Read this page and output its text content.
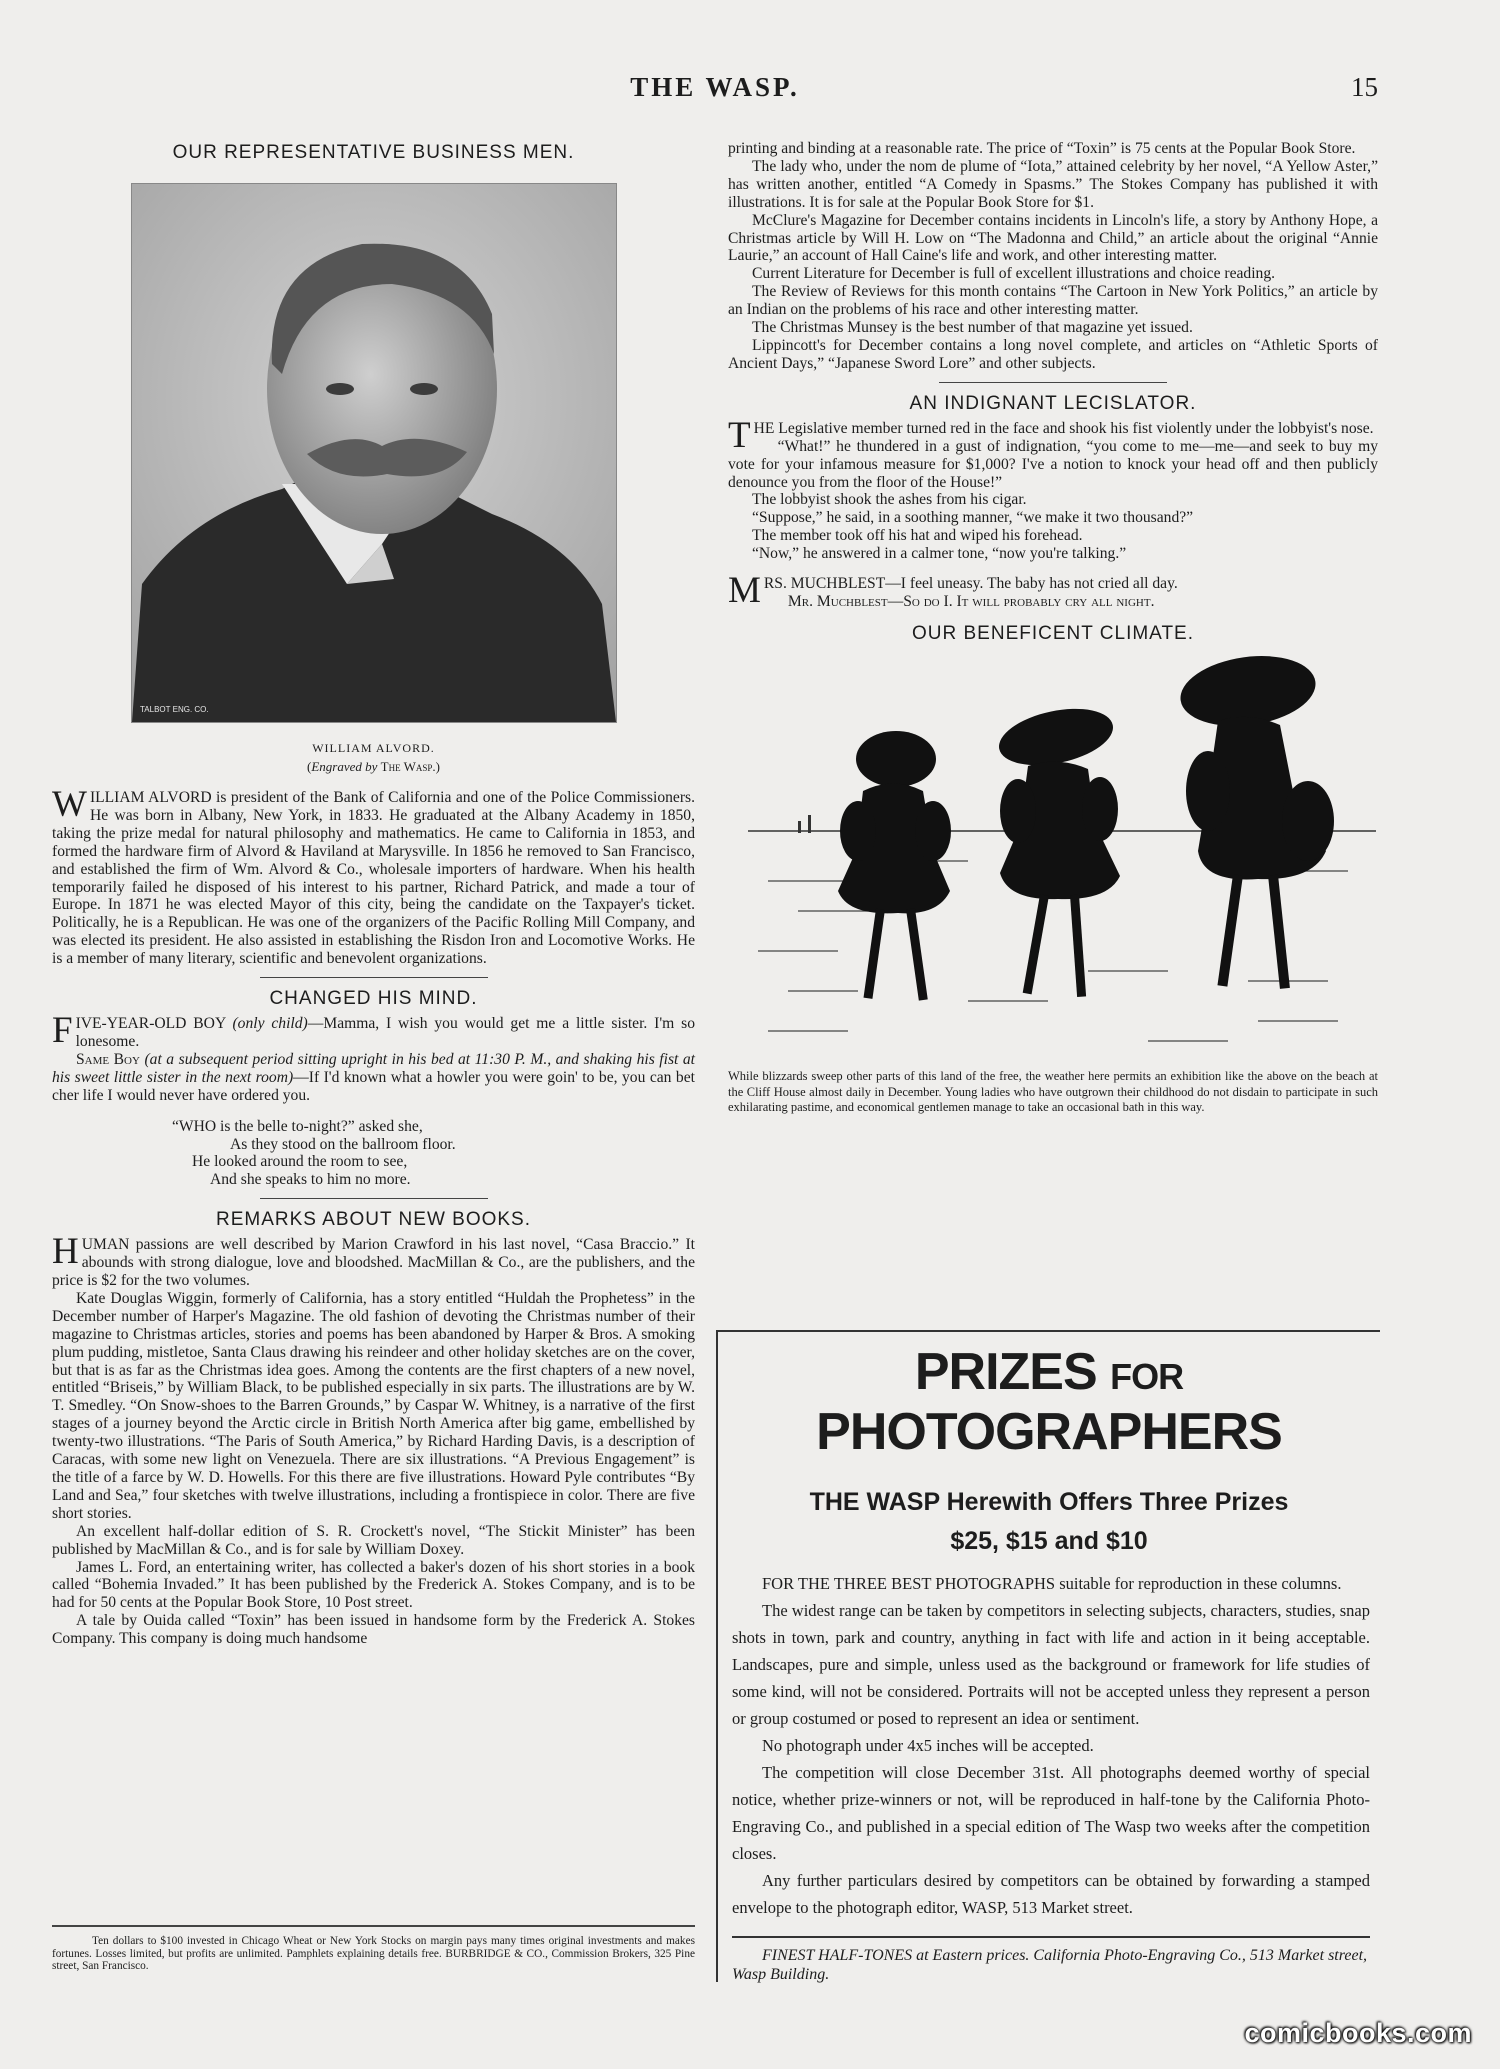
THE WASP.	15
OUR REPRESENTATIVE BUSINESS MEN.
TALBOT ENG. CO.
WILLIAM ALVORD.
(Engraved by The Wasp.)

WILLIAM ALVORD is president of the Bank of California and one of the Police Commissioners. He was born in Albany, New York, in 1833. He graduated at the Albany Academy in 1850, taking the prize medal for natural philosophy and mathematics. He came to California in 1853, and formed the hardware firm of Alvord & Haviland at Marysville. In 1856 he removed to San Francisco, and established the firm of Wm. Alvord & Co., wholesale importers of hardware. When his health temporarily failed he disposed of his interest to his partner, Richard Patrick, and made a tour of Europe. In 1871 he was elected Mayor of this city, being the candidate on the Taxpayer's ticket. Politically, he is a Republican. He was one of the organizers of the Pacific Rolling Mill Company, and was elected its president. He also assisted in establishing the Risdon Iron and Locomotive Works. He is a member of many literary, scientific and benevolent organizations.

CHANGED HIS MIND.

FIVE-YEAR-OLD BOY (only child)—Mamma, I wish you would get me a little sister. I'm so lonesome.

Same Boy (at a subsequent period sitting upright in his bed at 11:30 P. M., and shaking his fist at his sweet little sister in the next room)—If I'd known what a howler you were goin' to be, you can bet cher life I would never have ordered you.

“WHO is the belle to-night?” asked she,
As they stood on the ballroom floor.
He looked around the room to see,
And she speaks to him no more.
REMARKS ABOUT NEW BOOKS.

HUMAN passions are well described by Marion Crawford in his last novel, “Casa Braccio.” It abounds with strong dialogue, love and bloodshed. MacMillan & Co., are the publishers, and the price is $2 for the two volumes.

Kate Douglas Wiggin, formerly of California, has a story entitled “Huldah the Prophetess” in the December number of Harper's Magazine. The old fashion of devoting the Christmas number of their magazine to Christmas articles, stories and poems has been abandoned by Harper & Bros. A smoking plum pudding, mistletoe, Santa Claus drawing his reindeer and other holiday sketches are on the cover, but that is as far as the Christmas idea goes. Among the contents are the first chapters of a new novel, entitled “Briseis,” by William Black, to be published especially in six parts. The illustrations are by W. T. Smedley. “On Snow-shoes to the Barren Grounds,” by Caspar W. Whitney, is a narrative of the first stages of a journey beyond the Arctic circle in British North America after big game, embellished by twenty-two illustrations. “The Paris of South America,” by Richard Harding Davis, is a description of Caracas, with some new light on Venezuela. There are six illustrations. “A Previous Engagement” is the title of a farce by W. D. Howells. For this there are five illustrations. Howard Pyle contributes “By Land and Sea,” four sketches with twelve illustrations, including a frontispiece in color. There are five short stories.

An excellent half-dollar edition of S. R. Crockett's novel, “The Stickit Minister” has been published by MacMillan & Co., and is for sale by William Doxey.

James L. Ford, an entertaining writer, has collected a baker's dozen of his short stories in a book called “Bohemia Invaded.” It has been published by the Frederick A. Stokes Company, and is to be had for 50 cents at the Popular Book Store, 10 Post street.

A tale by Ouida called “Toxin” has been issued in handsome form by the Frederick A. Stokes Company. This company is doing much handsome

Ten dollars to $100 invested in Chicago Wheat or New York Stocks on margin pays many times original investments and makes fortunes. Losses limited, but profits are unlimited. Pamphlets explaining details free. BURBRIDGE & CO., Commission Brokers, 325 Pine street, San Francisco.

printing and binding at a reasonable rate. The price of “Toxin” is 75 cents at the Popular Book Store.

The lady who, under the nom de plume of “Iota,” attained celebrity by her novel, “A Yellow Aster,” has written another, entitled “A Comedy in Spasms.” The Stokes Company has published it with illustrations. It is for sale at the Popular Book Store for $1.

McClure's Magazine for December contains incidents in Lincoln's life, a story by Anthony Hope, a Christmas article by Will H. Low on “The Madonna and Child,” an article about the original “Annie Laurie,” an account of Hall Caine's life and work, and other interesting matter.

Current Literature for December is full of excellent illustrations and choice reading.

The Review of Reviews for this month contains “The Cartoon in New York Politics,” an article by an Indian on the problems of his race and other interesting matter.

The Christmas Munsey is the best number of that magazine yet issued.

Lippincott's for December contains a long novel complete, and articles on “Athletic Sports of Ancient Days,” “Japanese Sword Lore” and other subjects.

AN INDIGNANT LECISLATOR.

THE Legislative member turned red in the face and shook his fist violently under the lobbyist's nose.

“What!” he thundered in a gust of indignation, “you come to me—me—and seek to buy my vote for your infamous measure for $1,000? I've a notion to knock your head off and then publicly denounce you from the floor of the House!”

The lobbyist shook the ashes from his cigar.

“Suppose,” he said, in a soothing manner, “we make it two thousand?”

The member took off his hat and wiped his forehead.

“Now,” he answered in a calmer tone, “now you're talking.”

MRS. MUCHBLEST—I feel uneasy. The baby has not cried all day.

Mr. Muchblest—So do I. It will probably cry all night.

OUR BENEFICENT CLIMATE.

While blizzards sweep other parts of this land of the free, the weather here permits an exhibition like the above on the beach at the Cliff House almost daily in December. Young ladies who have outgrown their childhood do not disdain to participate in such exhilarating pastime, and economical gentlemen manage to take an occasional bath in this way.

PRIZES FOR PHOTOGRAPHERS
THE WASP Herewith Offers Three Prizes
$25, $15 and $10

FOR THE THREE BEST PHOTOGRAPHS suitable for reproduction in these columns.

The widest range can be taken by competitors in selecting subjects, characters, studies, snap shots in town, park and country, anything in fact with life and action in it being acceptable. Landscapes, pure and simple, unless used as the background or framework for life studies of some kind, will not be considered. Portraits will not be accepted unless they represent a person or group costumed or posed to represent an idea or sentiment.

No photograph under 4x5 inches will be accepted.

The competition will close December 31st. All photographs deemed worthy of special notice, whether prize-winners or not, will be reproduced in half-tone by the California Photo-Engraving Co., and published in a special edition of The Wasp two weeks after the competition closes.

Any further particulars desired by competitors can be obtained by forwarding a stamped envelope to the photograph editor, WASP, 513 Market street.

FINEST HALF-TONES at Eastern prices. California Photo-Engraving Co., 513 Market street, Wasp Building.
comicbooks.com
